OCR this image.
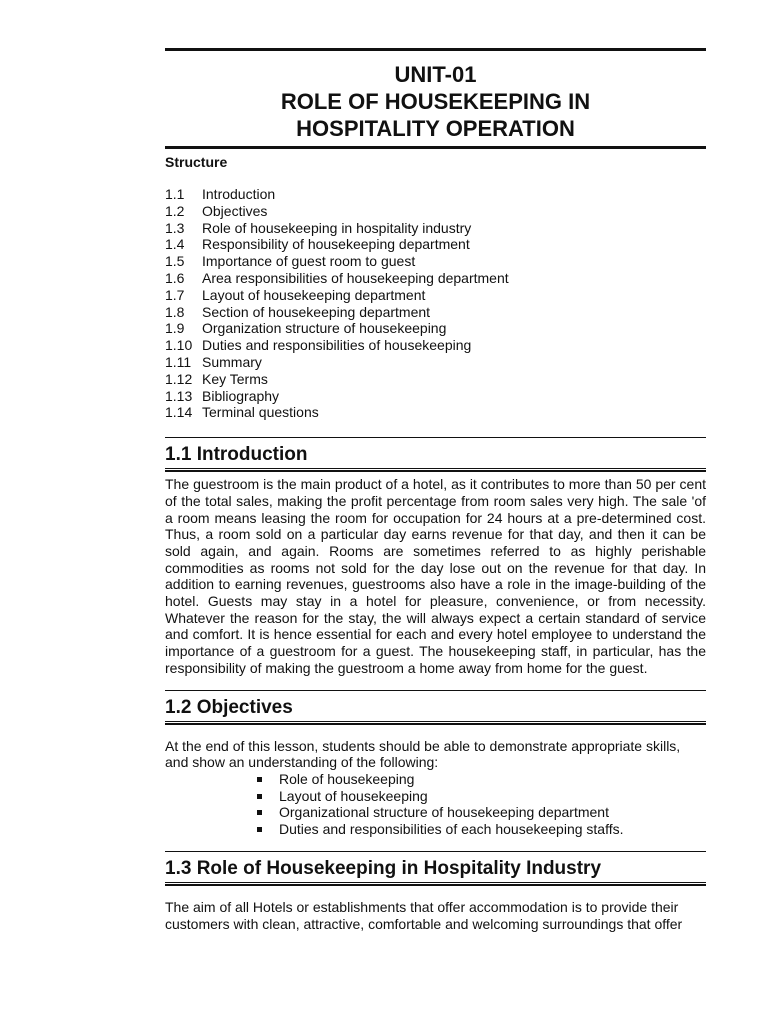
UNIT-01
ROLE OF HOUSEKEEPING IN
HOSPITALITY OPERATION
Structure
1.1	Introduction
1.2	Objectives
1.3	Role of housekeeping in hospitality industry
1.4	Responsibility of housekeeping department
1.5	Importance of guest room to guest
1.6	Area responsibilities of housekeeping department
1.7	Layout of housekeeping department
1.8	Section of housekeeping department
1.9	Organization structure of housekeeping
1.10 Duties and responsibilities of housekeeping
1.11 Summary
1.12 Key Terms
1.13 Bibliography
1.14 Terminal questions
1.1 Introduction

The guestroom is the main product of a hotel, as it contributes to more than 50 per cent of the total sales, making the profit percentage from room sales very high. The sale 'of a room means leasing the room for occupation for 24 hours at a pre-determined cost. Thus, a room sold on a particular day earns revenue for that day, and then it can be sold again, and again. Rooms are sometimes referred to as highly perishable commodities as rooms not sold for the day lose out on the revenue for that day. In addition to earning revenues, guestrooms also have a role in the image-building of the hotel. Guests may stay in a hotel for pleasure, convenience, or from necessity. Whatever the reason for the stay, the will always expect a certain standard of service and comfort. It is hence essential for each and every hotel employee to understand the importance of a guestroom for a guest. The housekeeping staff, in particular, has the responsibility of making the guestroom a home away from home for the guest.

1.2 Objectives

At the end of this lesson, students should be able to demonstrate appropriate skills, and show an understanding of the following:

Role of housekeeping
Layout of housekeeping
Organizational structure of housekeeping department
Duties and responsibilities of each housekeeping staffs.
1.3 Role of Housekeeping in Hospitality Industry

The aim of all Hotels or establishments that offer accommodation is to provide their customers with clean, attractive, comfortable and welcoming surroundings that offer
